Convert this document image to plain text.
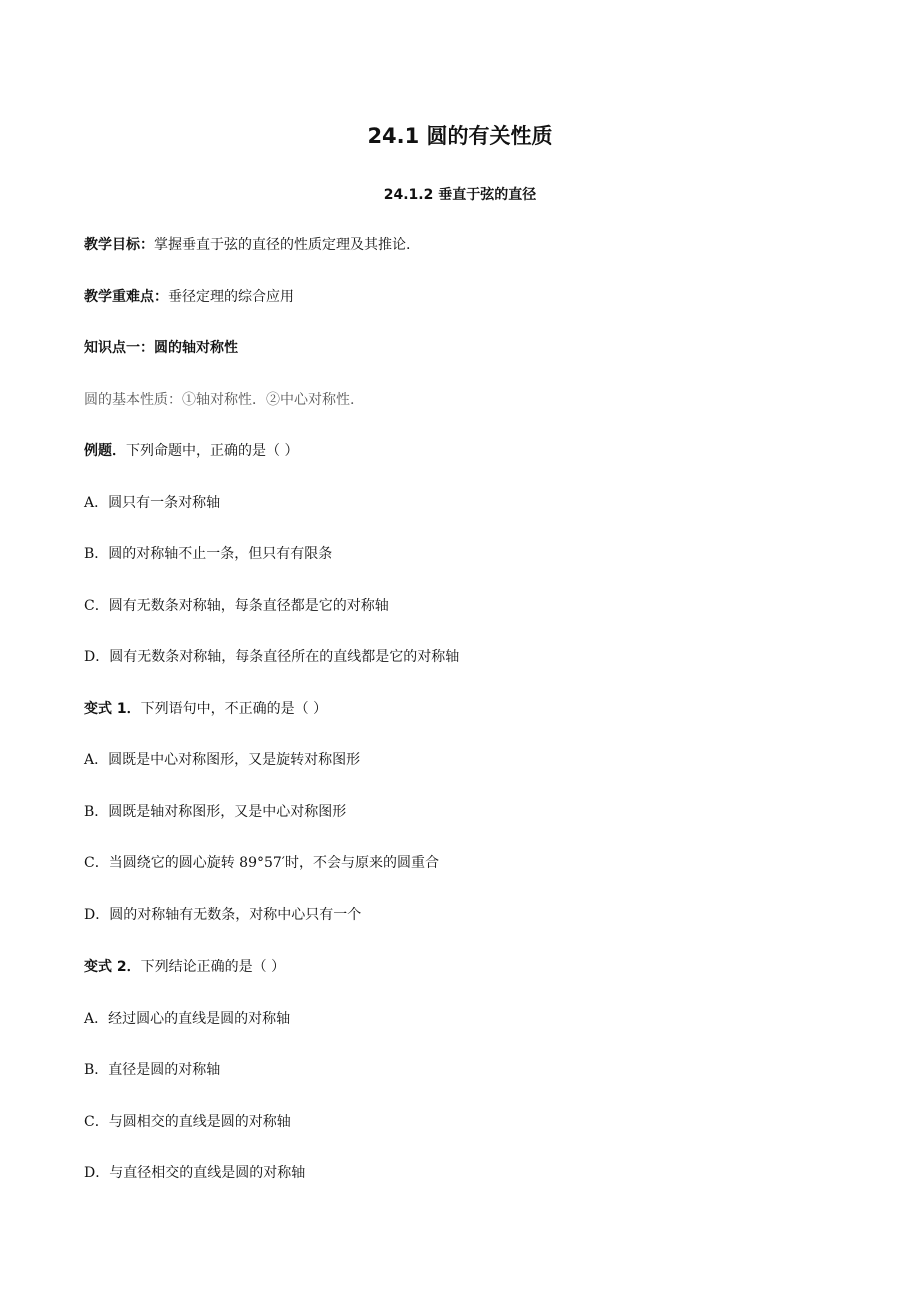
24.1 圆的有关性质
24.1.2 垂直于弦的直径
教学目标：掌握垂直于弦的直径的性质定理及其推论.
教学重难点：垂径定理的综合应用
知识点一：圆的轴对称性
圆的基本性质：①轴对称性．②中心对称性.
例题．下列命题中，正确的是（ ）
A．圆只有一条对称轴
B．圆的对称轴不止一条，但只有有限条
C．圆有无数条对称轴，每条直径都是它的对称轴
D．圆有无数条对称轴，每条直径所在的直线都是它的对称轴
变式 1．下列语句中，不正确的是（ ）
A．圆既是中心对称图形，又是旋转对称图形
B．圆既是轴对称图形，又是中心对称图形
C．当圆绕它的圆心旋转 89°57′时，不会与原来的圆重合
D．圆的对称轴有无数条，对称中心只有一个
变式 2．下列结论正确的是（ ）
A．经过圆心的直线是圆的对称轴
B．直径是圆的对称轴
C．与圆相交的直线是圆的对称轴
D．与直径相交的直线是圆的对称轴
